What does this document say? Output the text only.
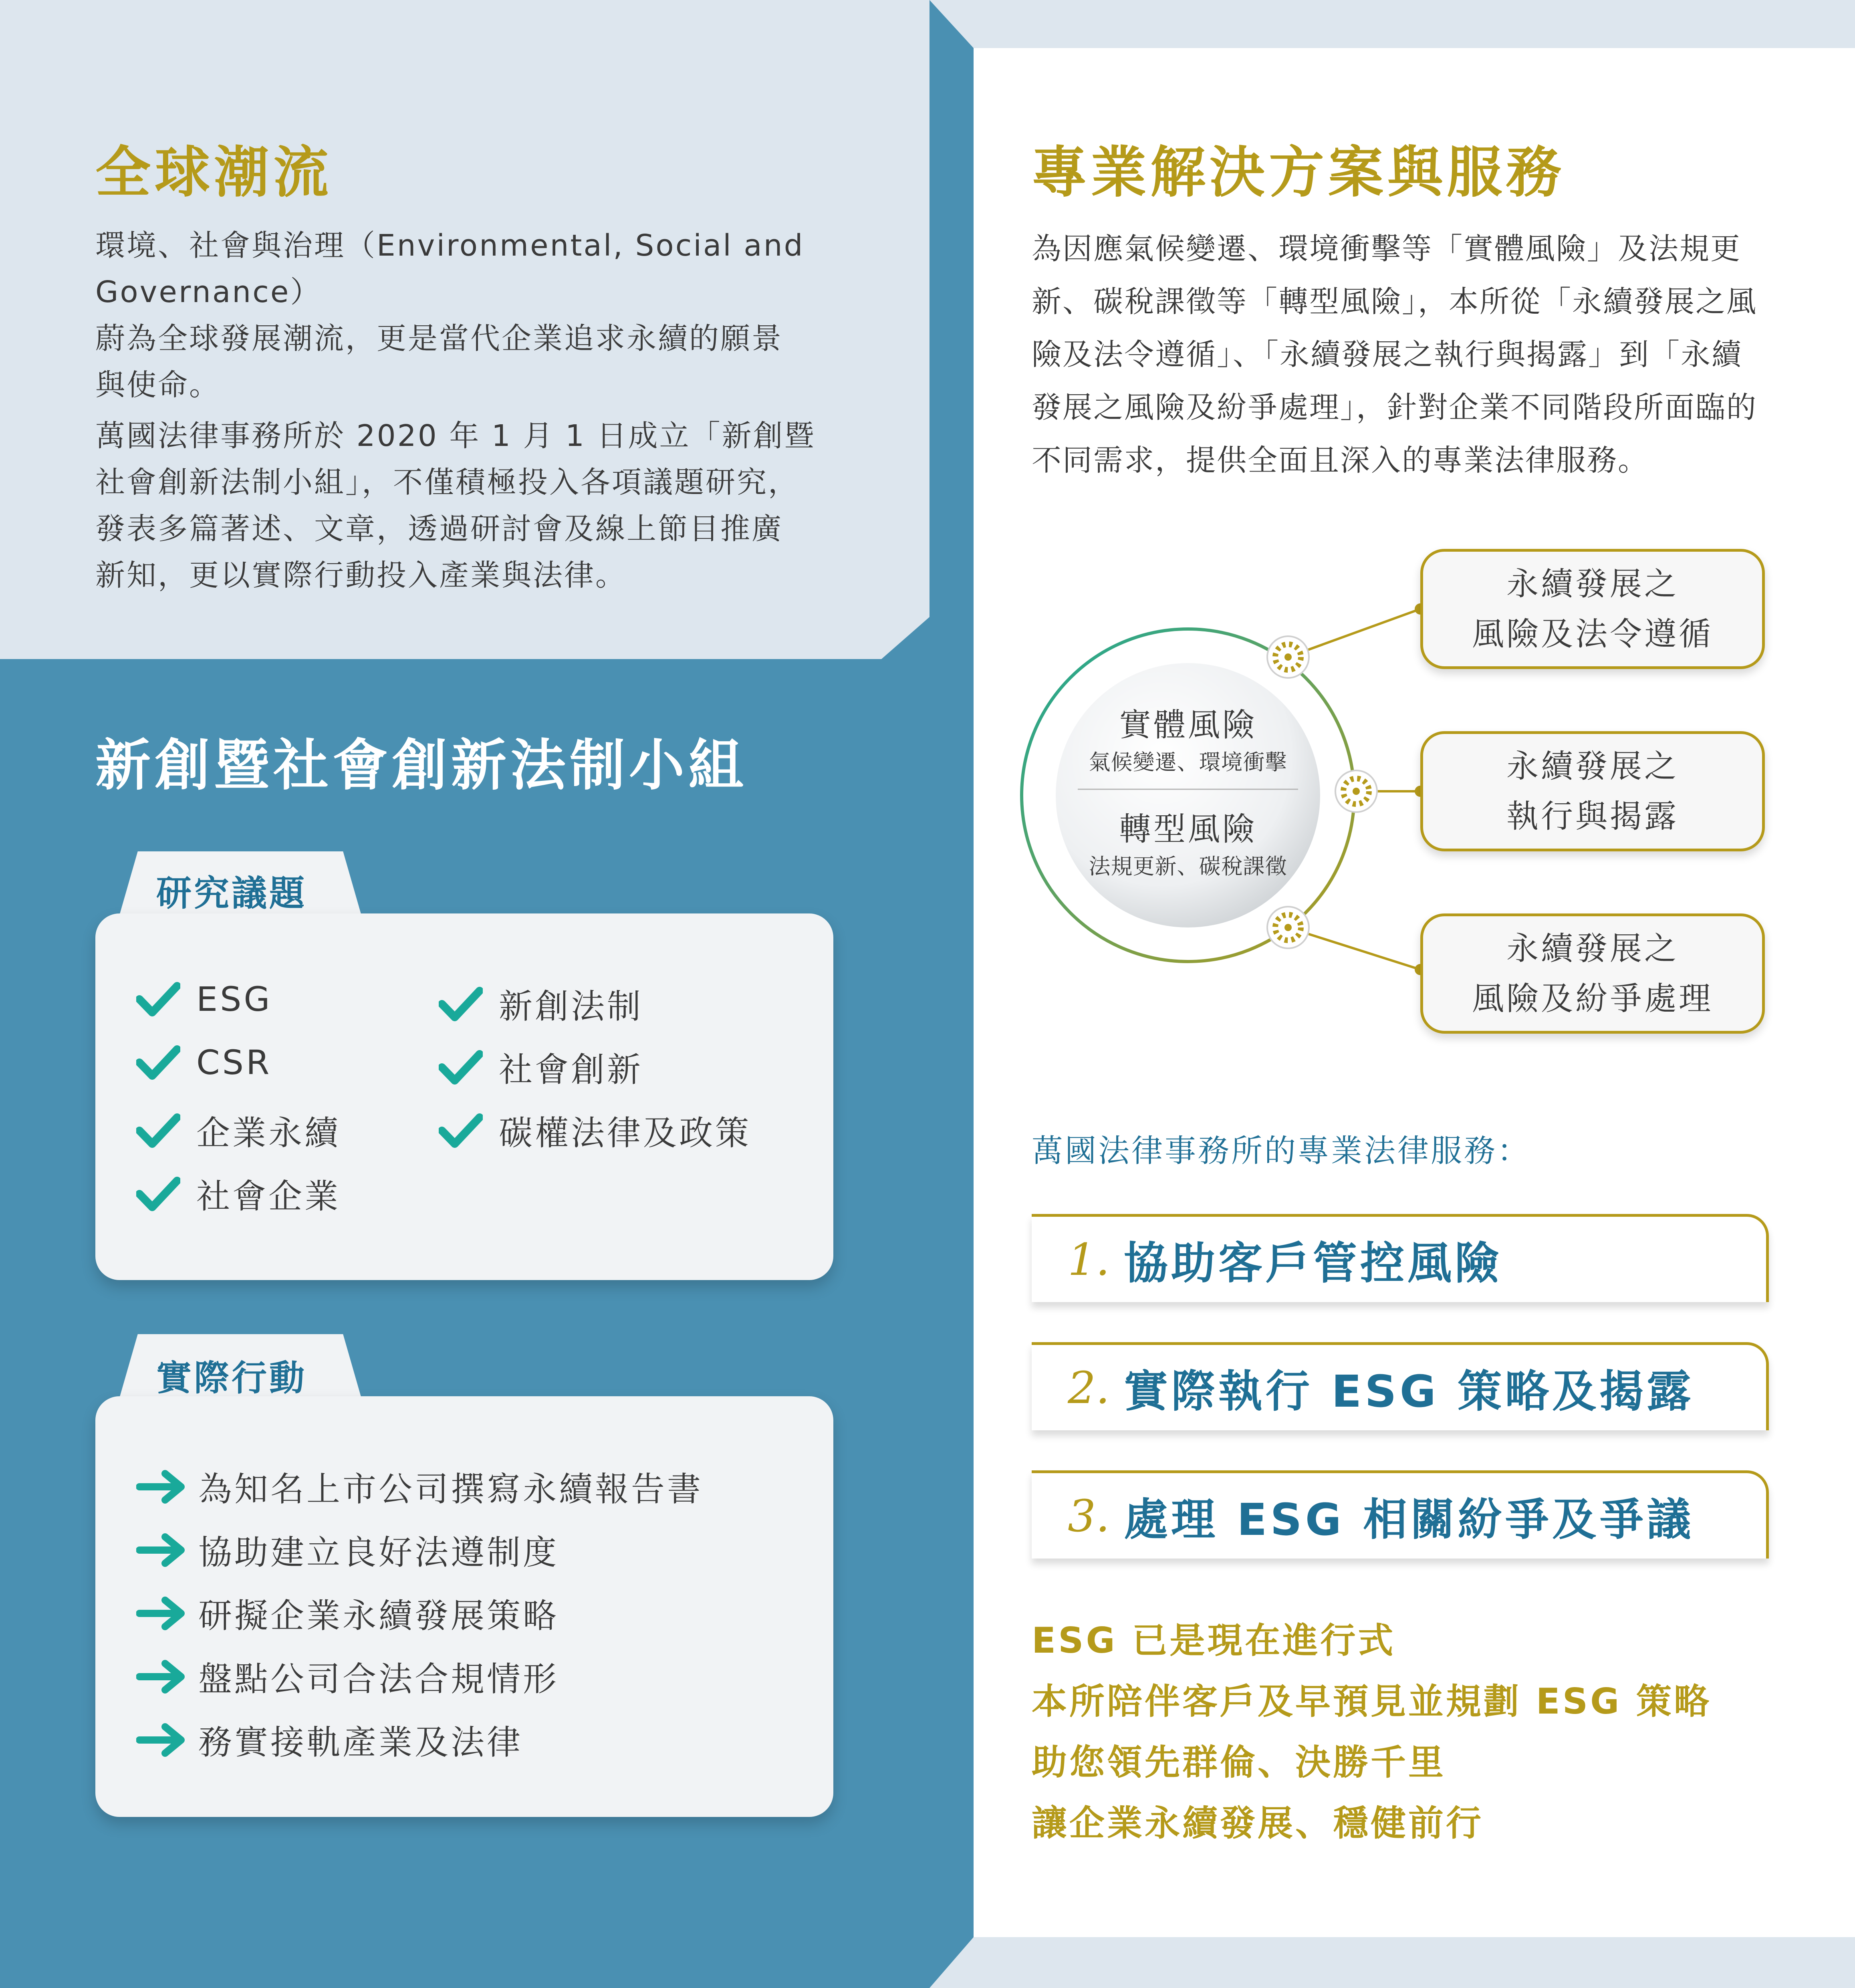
全球潮流
環境、社會與治理（Environmental, Social and Governance）
蔚為全球發展潮流，更是當代企業追求永續的願景
與使命。
萬國法律事務所於 2020 年 1 月 1 日成立「新創暨
社會創新法制小組」，不僅積極投入各項議題研究，
發表多篇著述、文章，透過研討會及線上節目推廣
新知，更以實際行動投入產業與法律。
新創暨社會創新法制小組
研究議題
ESG
CSR
企業永續
社會企業
新創法制
社會創新
碳權法律及政策
實際行動
為知名上市公司撰寫永續報告書
協助建立良好法遵制度
研擬企業永續發展策略
盤點公司合法合規情形
務實接軌產業及法律
專業解決方案與服務
為因應氣候變遷、環境衝擊等「實體風險」及法規更
新、碳稅課徵等「轉型風險」，本所從「永續發展之風
險及法令遵循」、「永續發展之執行與揭露」到「永續
發展之風險及紛爭處理」，針對企業不同階段所面臨的
不同需求，提供全面且深入的專業法律服務。
實體風險
氣候變遷、環境衝擊
轉型風險
法規更新、碳稅課徵
永續發展之
風險及法令遵循
永續發展之
執行與揭露
永續發展之
風險及紛爭處理
萬國法律事務所的專業法律服務：
1. 協助客戶管控風險
2. 實際執行 ESG 策略及揭露
3. 處理 ESG 相關紛爭及爭議
ESG 已是現在進行式
本所陪伴客戶及早預見並規劃 ESG 策略
助您領先群倫、決勝千里
讓企業永續發展、穩健前行
